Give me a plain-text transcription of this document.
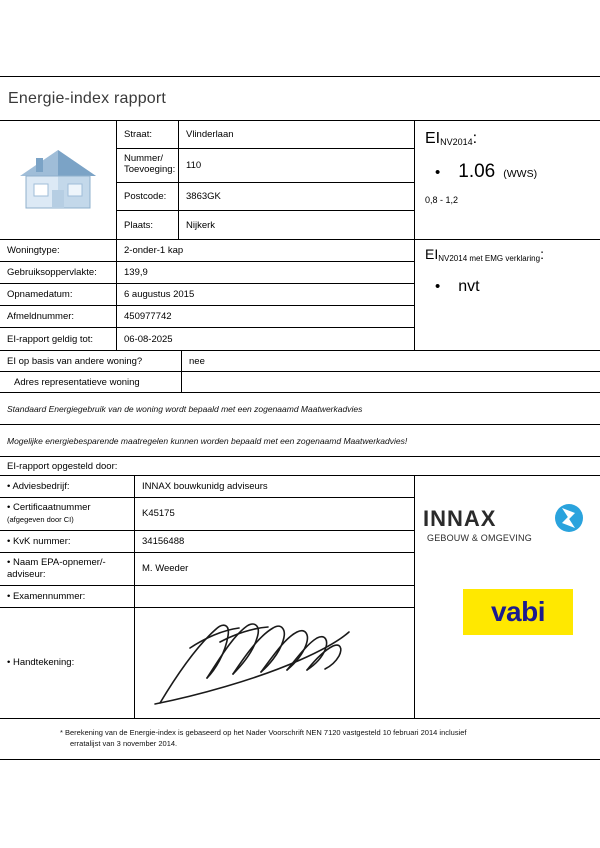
Energie-index rapport
Straat:	Vlinderlaan
Nummer/
Toevoeging:	110
Postcode:	3863GK
Plaats:	Nijkerk
$EI_{NV2014}$:
• 1.06 (WWS)
0,8 - 1,2
Woningtype:	2-onder-1 kap
Gebruiksoppervlakte:	139,9
Opnamedatum:	6 augustus 2015
Afmeldnummer:	450977742
EI-rapport geldig tot:	06-08-2025
$EI_{NV2014 met EMG verklaring}$:
• nvt
EI op basis van andere woning?	nee
Adres representatieve woning
Standaard Energiegebruik van de woning wordt bepaald met een zogenaamd Maatwerkadvies
Mogelijke energiebesparende maatregelen kunnen worden bepaald met een zogenaamd Maatwerkadvies!
EI-rapport opgesteld door:
• Adviesbedrijf:	INNAX bouwkunidg adviseurs
• Certificaatnummer
(afgegeven door CI)	K45175
• KvK nummer:	34156488
• Naam EPA-opnemer/-
adviseur:	M. Weeder
• Examennummer:
• Handtekening:
INNAX
GEBOUW & OMGEVING
vabi
* Berekening van de Energie-index is gebaseerd op het Nader Voorschrift NEN 7120 vastgesteld 10 februari 2014 inclusief
erratalijst van 3 november 2014.
